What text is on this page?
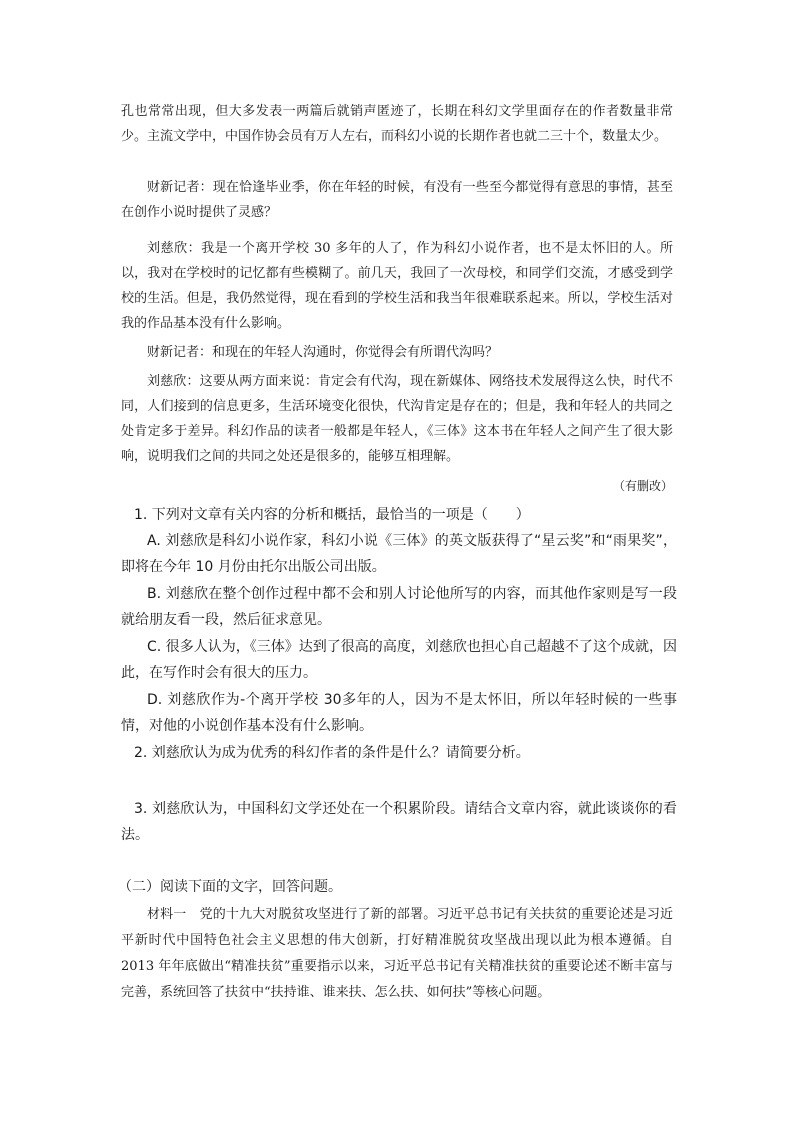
孔也常常出现，但大多发表一两篇后就销声匿迹了，长期在科幻文学里面存在的作者数量非常少。主流文学中，中国作协会员有万人左右，而科幻小说的长期作者也就二三十个，数量太少。

财新记者：现在恰逢毕业季，你在年轻的时候，有没有一些至今都觉得有意思的事情，甚至在创作小说时提供了灵感？

刘慈欣：我是一个离开学校 30 多年的人了，作为科幻小说作者，也不是太怀旧的人。所以，我对在学校时的记忆都有些模糊了。前几天，我回了一次母校，和同学们交流，才感受到学校的生活。但是，我仍然觉得，现在看到的学校生活和我当年很难联系起来。所以，学校生活对我的作品基本没有什么影响。

财新记者：和现在的年轻人沟通时，你觉得会有所谓代沟吗？

刘慈欣：这要从两方面来说：肯定会有代沟，现在新媒体、网络技术发展得这么快，时代不同，人们接到的信息更多，生活环境变化很快，代沟肯定是存在的；但是，我和年轻人的共同之处肯定多于差异。科幻作品的读者一般都是年轻人，《三体》这本书在年轻人之间产生了很大影响，说明我们之间的共同之处还是很多的，能够互相理解。

（有删改）

1. 下列对文章有关内容的分析和概括，最恰当的一项是（　　）

A. 刘慈欣是科幻小说作家，科幻小说《三体》的英文版获得了“星云奖”和“雨果奖”，即将在今年 10 月份由托尔出版公司出版。

B. 刘慈欣在整个创作过程中都不会和别人讨论他所写的内容，而其他作家则是写一段就给朋友看一段，然后征求意见。

C. 很多人认为，《三体》达到了很高的高度，刘慈欣也担心自己超越不了这个成就，因此，在写作时会有很大的压力。

D. 刘慈欣作为-个离开学校 30多年的人，因为不是太怀旧，所以年轻时候的一些事情，对他的小说创作基本没有什么影响。

2. 刘慈欣认为成为优秀的科幻作者的条件是什么？请简要分析。

3. 刘慈欣认为，中国科幻文学还处在一个积累阶段。请结合文章内容，就此谈谈你的看法。

（二）阅读下面的文字，回答问题。

材料一　党的十九大对脱贫攻坚进行了新的部署。习近平总书记有关扶贫的重要论述是习近平新时代中国特色社会主义思想的伟大创新，打好精准脱贫攻坚战出现以此为根本遵循。自 2013 年年底做出“精准扶贫”重要指示以来，习近平总书记有关精准扶贫的重要论述不断丰富与完善，系统回答了扶贫中“扶持谁、谁来扶、怎么扶、如何扶”等核心问题。
